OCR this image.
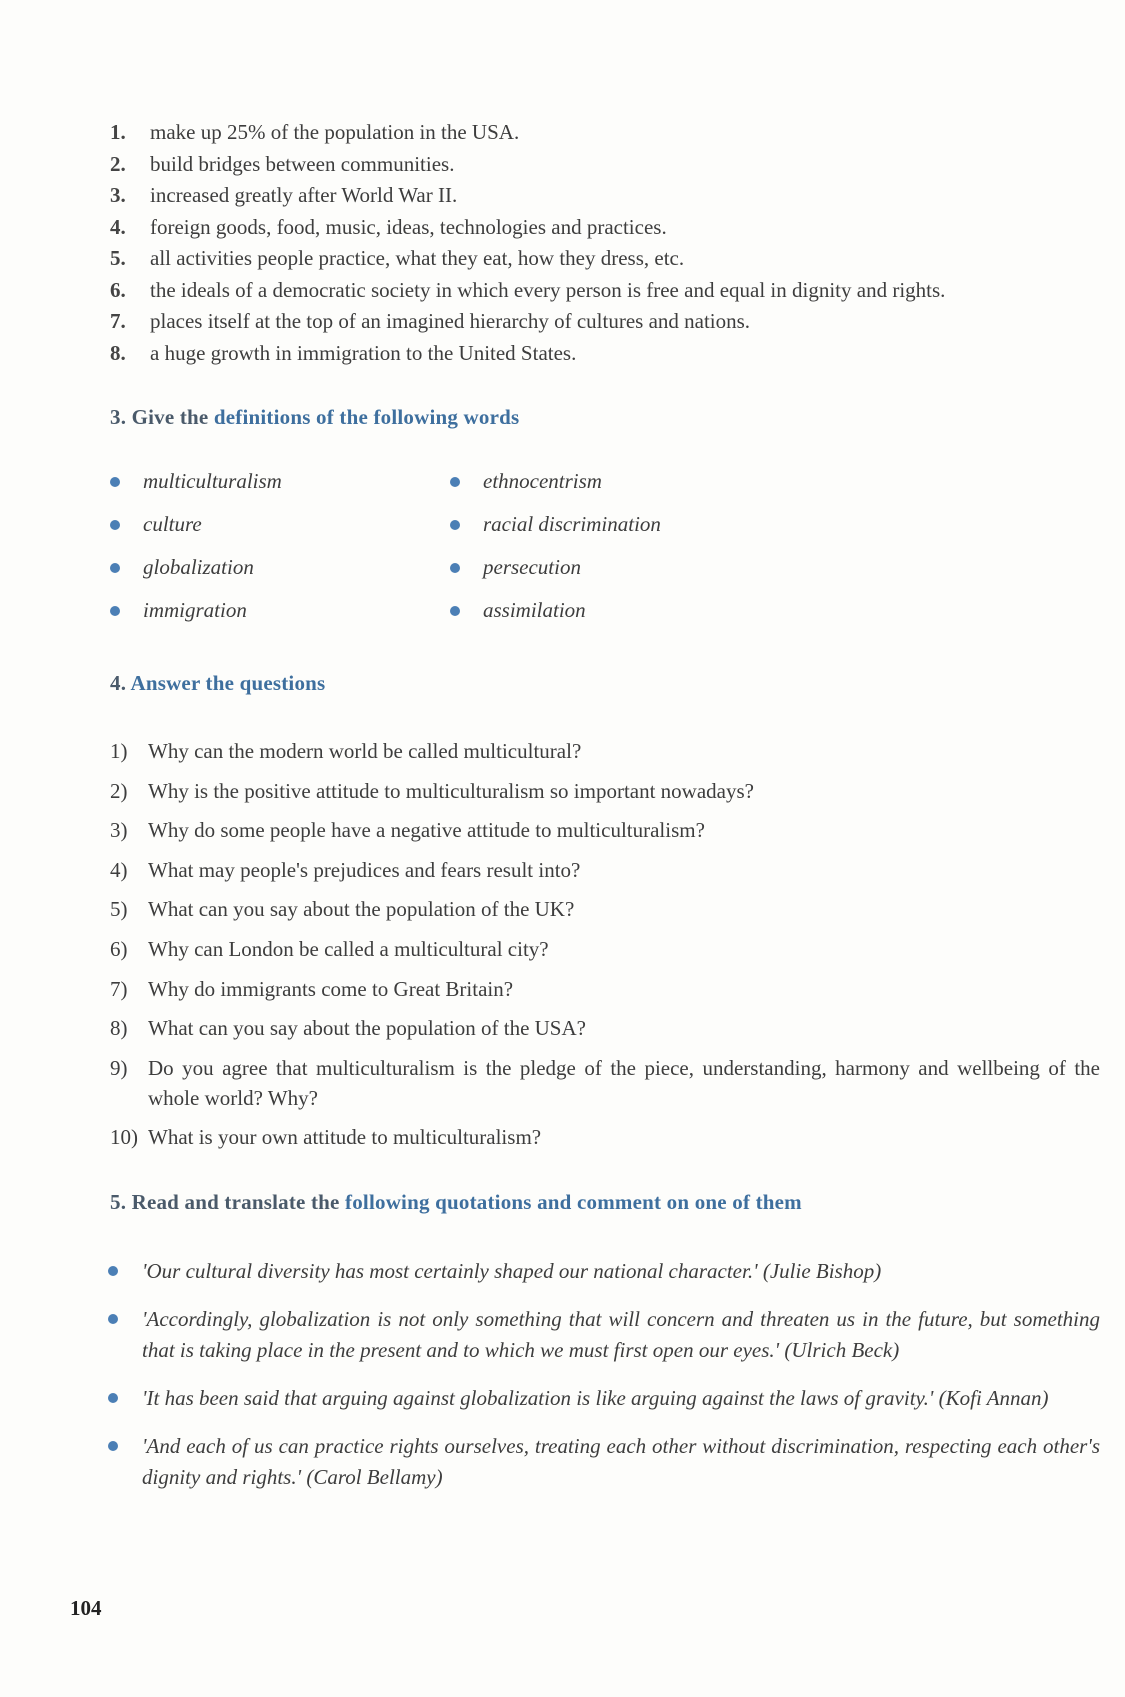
1.	make up 25% of the population in the USA.
2.	build bridges between communities.
3.	increased greatly after World War II.
4.	foreign goods, food, music, ideas, technologies and practices.
5.	all activities people practice, what they eat, how they dress, etc.
6.	the ideals of a democratic society in which every person is free and equal in dignity and rights.
7.	places itself at the top of an imagined hierarchy of cultures and nations.
8.	a huge growth in immigration to the United States.
3. Give the definitions of the following words
multiculturalism	ethnocentrism
culture	racial discrimination
globalization	persecution
immigration	assimilation
4. Answer the questions
1) Why can the modern world be called multicultural?
2) Why is the positive attitude to multiculturalism so important nowadays?
3) Why do some people have a negative attitude to multiculturalism?
4) What may people's prejudices and fears result into?
5) What can you say about the population of the UK?
6) Why can London be called a multicultural city?
7) Why do immigrants come to Great Britain?
8) What can you say about the population of the USA?
9) Do you agree that multiculturalism is the pledge of the piece, understanding, harmony and wellbeing of the whole world? Why?
10) What is your own attitude to multiculturalism?
5. Read and translate the following quotations and comment on one of them
'Our cultural diversity has most certainly shaped our national character.' (Julie Bishop)
'Accordingly, globalization is not only something that will concern and threaten us in the future, but something that is taking place in the present and to which we must first open our eyes.' (Ulrich Beck)
'It has been said that arguing against globalization is like arguing against the laws of gravity.' (Kofi Annan)
'And each of us can practice rights ourselves, treating each other without discrimination, respecting each other's dignity and rights.' (Carol Bellamy)
104
